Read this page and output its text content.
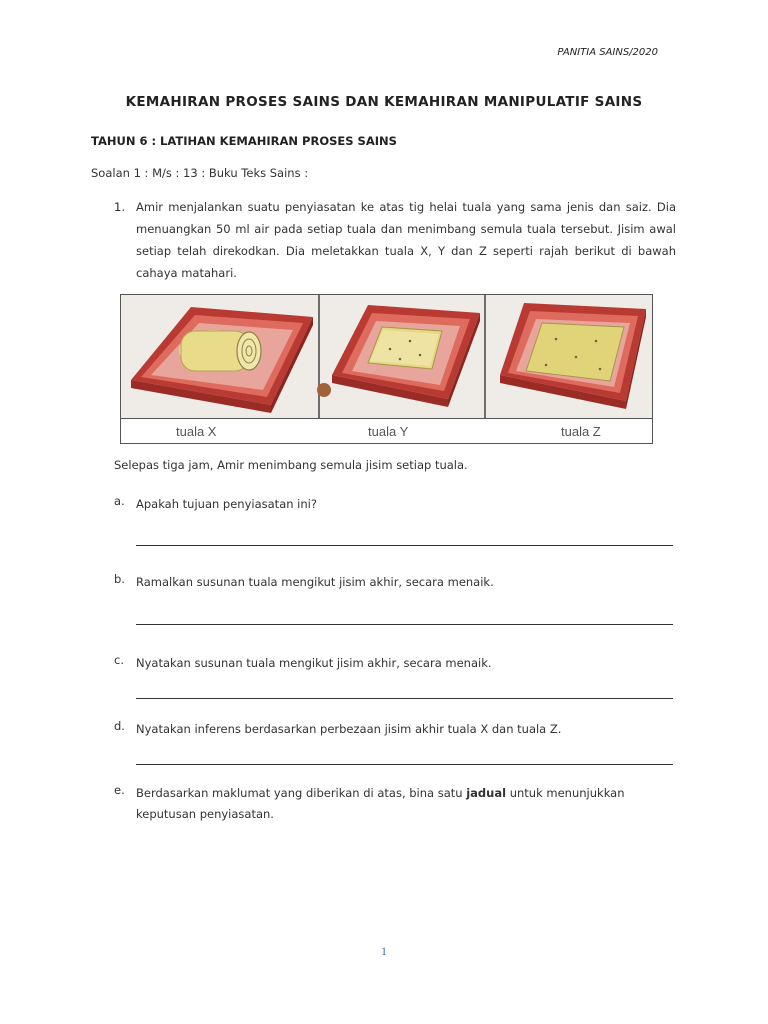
PANITIA SAINS/2020
KEMAHIRAN PROSES SAINS DAN KEMAHIRAN MANIPULATIF SAINS
TAHUN 6 : LATIHAN KEMAHIRAN PROSES SAINS
Soalan 1 : M/s : 13 : Buku Teks Sains :
1. Amir menjalankan suatu penyiasatan ke atas tig helai tuala yang sama jenis dan saiz. Dia menuangkan 50 ml air pada setiap tuala dan menimbang semula tuala tersebut. Jisim awal setiap telah direkodkan. Dia meletakkan tuala X, Y dan Z seperti rajah berikut di bawah cahaya matahari.
tuala X	tuala Y	tuala Z
Selepas tiga jam, Amir menimbang semula jisim setiap tuala.
a. Apakah tujuan penyiasatan ini?
b. Ramalkan susunan tuala mengikut jisim akhir, secara menaik.
c. Nyatakan susunan tuala mengikut jisim akhir, secara menaik.
d. Nyatakan inferens berdasarkan perbezaan jisim akhir tuala X dan tuala Z.
e. Berdasarkan maklumat yang diberikan di atas, bina satu jadual untuk menunjukkan keputusan penyiasatan.
1
